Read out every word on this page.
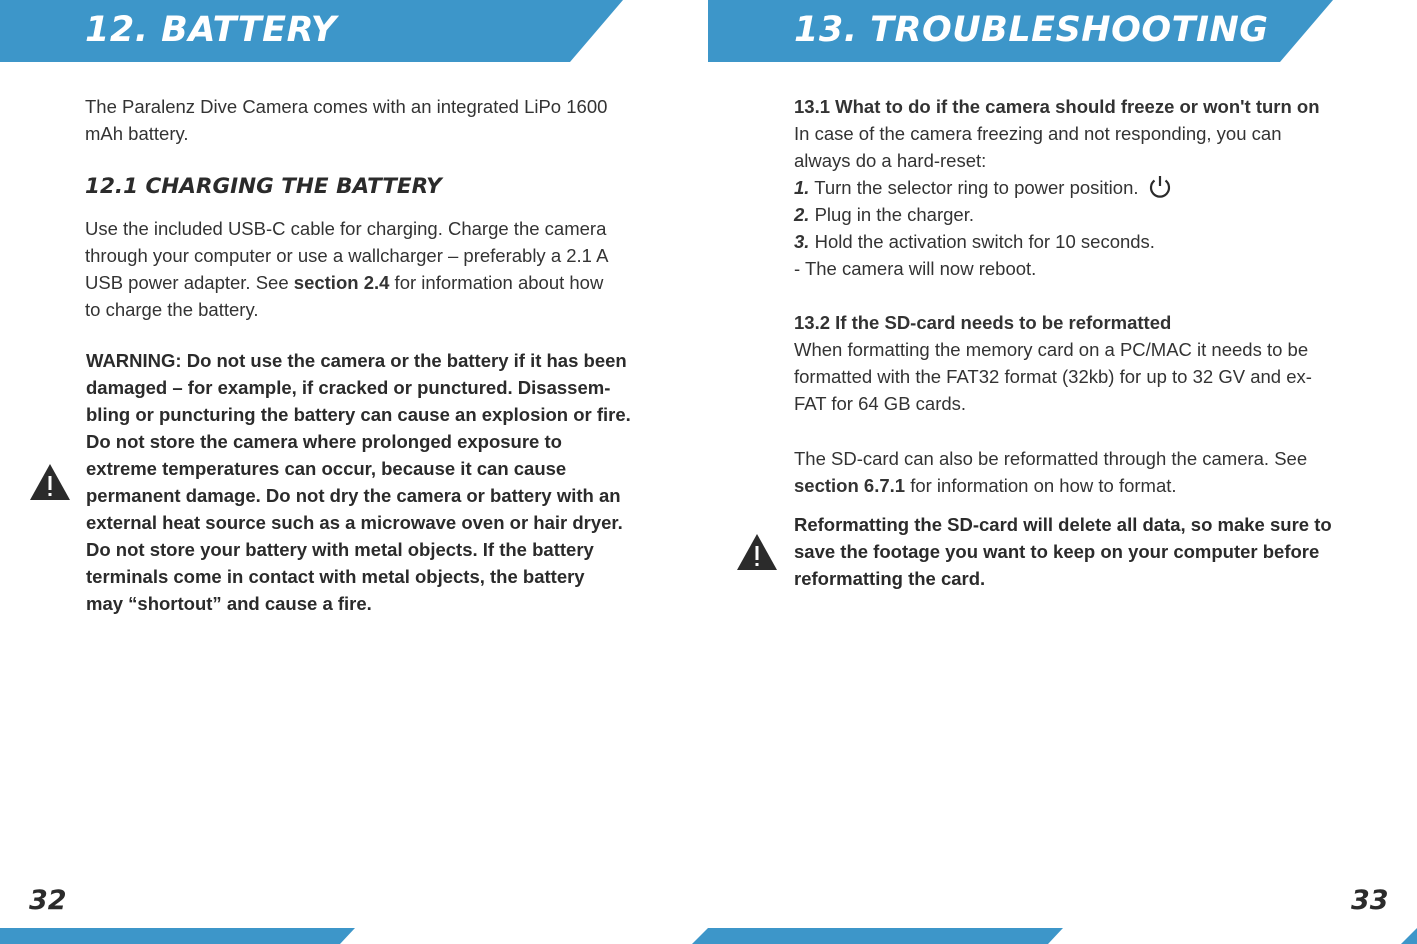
12. BATTERY
The Paralenz Dive Camera comes with an integrated LiPo 1600
mAh battery.
12.1 CHARGING THE BATTERY
Use the included USB-C cable for charging. Charge the camera
through your computer or use a wallcharger – preferably a 2.1 A
USB power adapter. See section 2.4 for information about how
to charge the battery.
WARNING: Do not use the camera or the battery if it has been
damaged – for example, if cracked or punctured. Disassem-
bling or puncturing the battery can cause an explosion or fire.
Do not store the camera where prolonged exposure to
extreme temperatures can occur, because it can cause
permanent damage. Do not dry the camera or battery with an
external heat source such as a microwave oven or hair dryer.
Do not store your battery with metal objects. If the battery
terminals come in contact with metal objects, the battery
may “shortout” and cause a fire.
32
13. TROUBLESHOOTING
13.1 What to do if the camera should freeze or won't turn on
In case of the camera freezing and not responding, you can
always do a hard-reset:
1. Turn the selector ring to power position.
2. Plug in the charger.
3. Hold the activation switch for 10 seconds.
- The camera will now reboot.
13.2 If the SD-card needs to be reformatted
When formatting the memory card on a PC/MAC it needs to be
formatted with the FAT32 format (32kb) for up to 32 GV and ex-
FAT for 64 GB cards.
The SD-card can also be reformatted through the camera. See
section 6.7.1 for information on how to format.
Reformatting the SD-card will delete all data, so make sure to
save the footage you want to keep on your computer before
reformatting the card.
33
